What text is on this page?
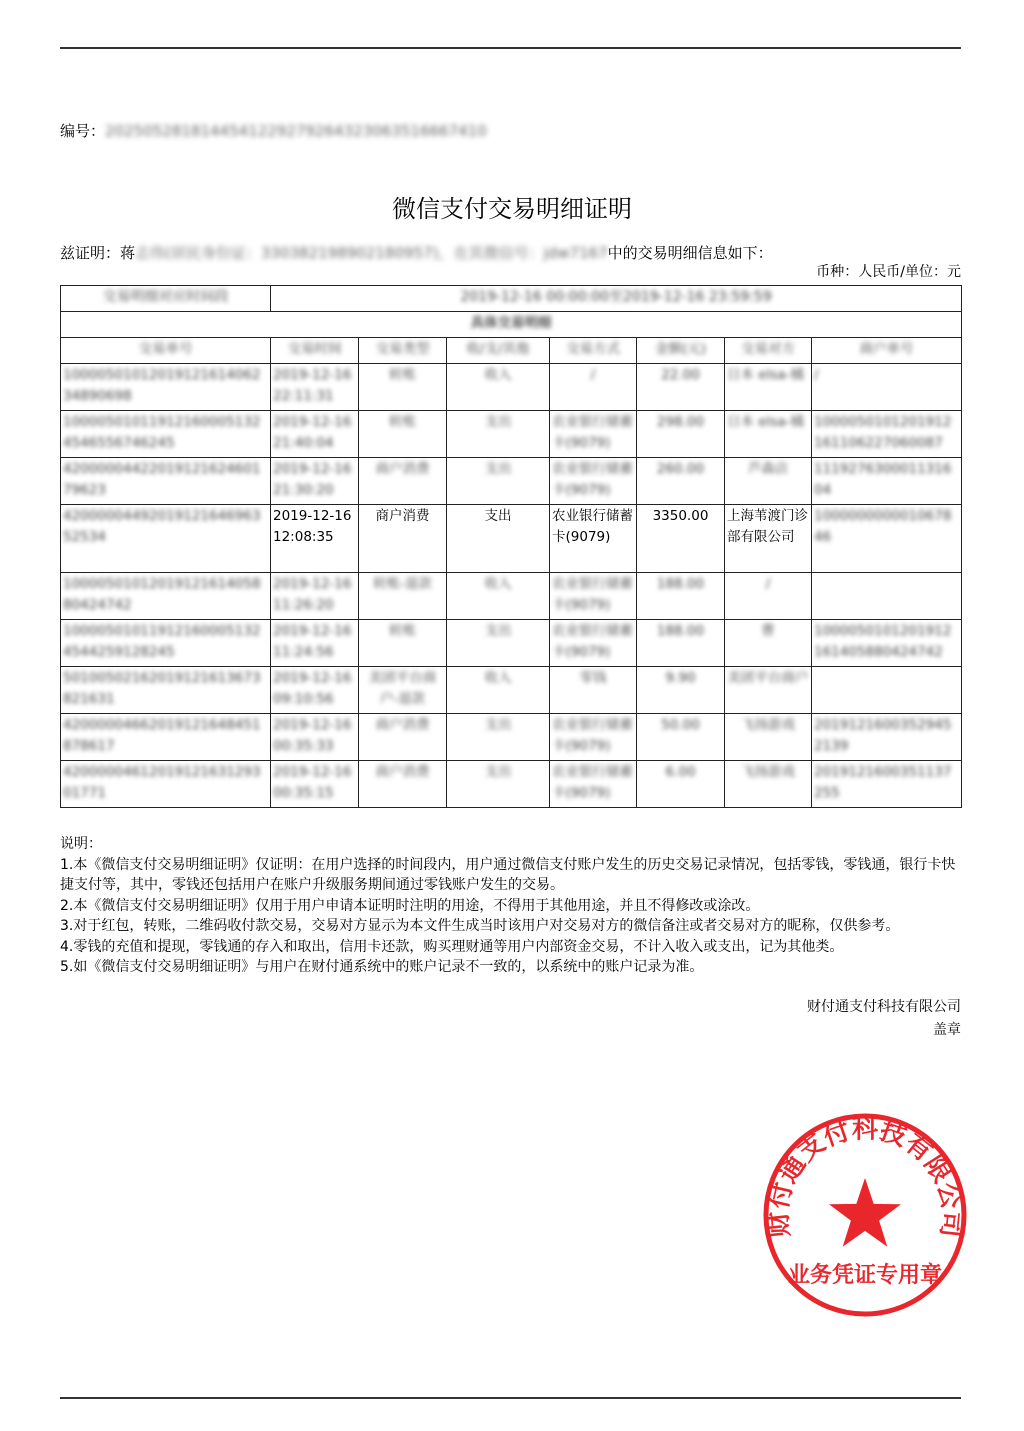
编号：20250528181445412292792643230635166674​10
微信支付交易明细证明
兹证明：蒋志伟(居民身份证：330382198902180957)，在其微信号：jdw7167中的交易明细信息如下：
币种：人民币/单位：元
交易明细对应时间段	2019-12-16 00:00:00至2019-12-16 23:59:59						
具体交易明细							
交易单号	交易时间	交易类型	收/支/其他	交易方式	金额(元)	交易对方	商户单号
1000050101201912161406234890698	2019-12-16 22:11:31	转账	收入	/	22.00	日本 elsa-橘	/
1000050101191216000513245465567462​45	2019-12-16 21:40:04	转账	支出	农业银行储蓄卡(9079)	298.00	日本 elsa-橘	1000050101201912161106227060087
4200000442201912162460179623	2019-12-16 21:30:20	商户消费	支出	农业银行储蓄卡(9079)	260.00	芦森店	1119276300011316​04
4200000449201912164696352534	2019-12-16 12:08:35	商户消费	支出	农业银行储蓄卡(9079)	3350.00	上海苇渡门诊部有限公司	10000000000106​7846
1000050101201912161405880424742	2019-12-16 11:26:20	转账-退款	收入	农业银行储蓄卡(9079)	188.00	/	
1000050101191216000513245442591282​45	2019-12-16 11:24:56	转账	支出	农业银行储蓄卡(9079)	188.00	曹	1000050101201912161405880424742
5010050216201912161367382163​1	2019-12-16 09:10:56	美团平台商户-退款	收入	零钱	9.90	美团平台商户	
4200000466201912164845187861​7	2019-12-16 00:35:33	商户消费	支出	农业银行储蓄卡(9079)	50.00	飞扬游戏	20191216003529452139
4200000461201912163129301771	2019-12-16 00:35:15	商户消费	支出	农业银行储蓄卡(9079)	6.00	飞扬游戏	2019121600351137255

说明：

1.本《微信支付交易明细证明》仅证明：在用户选择的时间段内，用户通过微信支付账户发生的历史交易记录情况，包括零钱，零钱通，银行卡快捷支付等，其中，零钱还包括用户在账户升级服务期间通过零钱账户发生的交易。

2.本《微信支付交易明细证明》仅用于用户申请本证明时注明的用途，不得用于其他用途，并且不得修改或涂改。

3.对于红包，转账，二维码收付款交易，交易对方显示为本文件生成当时该用户对交易对方的微信备注或者交易对方的昵称，仅供参考。

4.零钱的充值和提现，零钱通的存入和取出，信用卡还款，购买理财通等用户内部资金交易，不计入收入或支出，记为其他类。

5.如《微信支付交易明细证明》与用户在财付通系统中的账户记录不一致的，以系统中的账户记录为准。

财付通支付科技有限公司
盖章
财付通支付科技有限公司
业务凭证专用章
